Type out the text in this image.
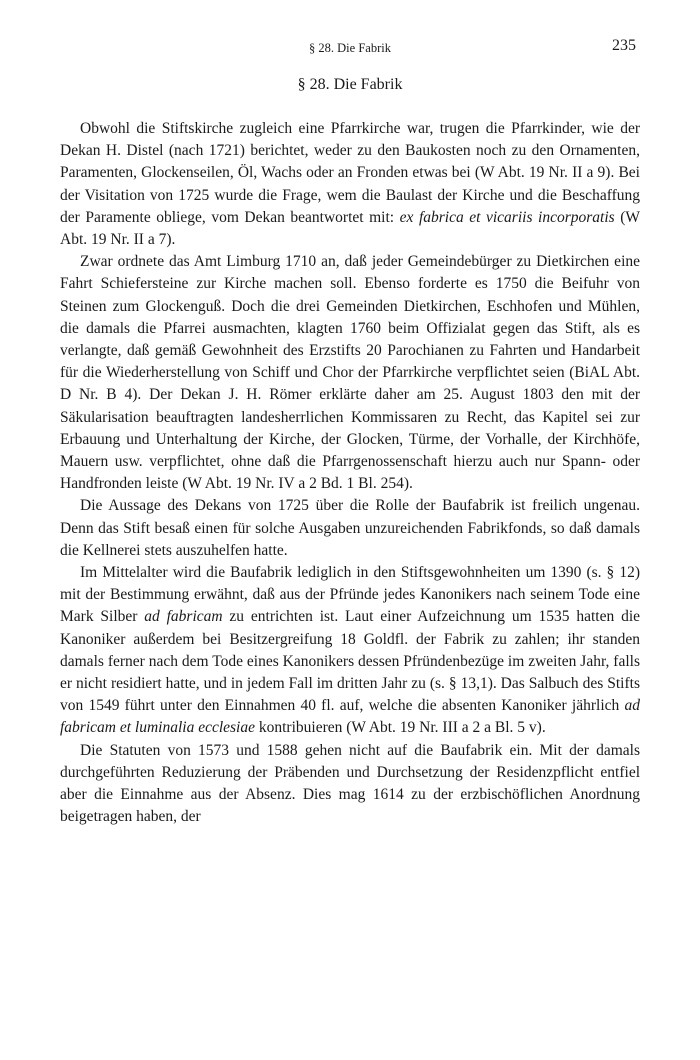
§ 28. Die Fabrik	235
§ 28. Die Fabrik

Obwohl die Stiftskirche zugleich eine Pfarrkirche war, trugen die Pfarrkinder, wie der Dekan H. Distel (nach 1721) berichtet, weder zu den Baukosten noch zu den Ornamenten, Paramenten, Glockenseilen, Öl, Wachs oder an Fronden etwas bei (W Abt. 19 Nr. II a 9). Bei der Visitation von 1725 wurde die Frage, wem die Baulast der Kirche und die Beschaffung der Paramente obliege, vom Dekan beantwortet mit: ex fabrica et vicariis incorporatis (W Abt. 19 Nr. II a 7).

Zwar ordnete das Amt Limburg 1710 an, daß jeder Gemeindebürger zu Dietkirchen eine Fahrt Schiefersteine zur Kirche machen soll. Ebenso forderte es 1750 die Beifuhr von Steinen zum Glockenguß. Doch die drei Gemeinden Dietkirchen, Eschhofen und Mühlen, die damals die Pfarrei ausmachten, klagten 1760 beim Offizialat gegen das Stift, als es verlangte, daß gemäß Gewohnheit des Erzstifts 20 Parochianen zu Fahrten und Handarbeit für die Wiederherstellung von Schiff und Chor der Pfarrkirche verpflichtet seien (BiAL Abt. D Nr. B 4). Der Dekan J. H. Römer erklärte daher am 25. August 1803 den mit der Säkularisation beauftragten landesherrlichen Kommissaren zu Recht, das Kapitel sei zur Erbauung und Unterhaltung der Kirche, der Glocken, Türme, der Vorhalle, der Kirchhöfe, Mauern usw. verpflichtet, ohne daß die Pfarrgenossenschaft hierzu auch nur Spann- oder Handfronden leiste (W Abt. 19 Nr. IV a 2 Bd. 1 Bl. 254).

Die Aussage des Dekans von 1725 über die Rolle der Baufabrik ist freilich ungenau. Denn das Stift besaß einen für solche Ausgaben unzureichenden Fabrikfonds, so daß damals die Kellnerei stets auszuhelfen hatte.

Im Mittelalter wird die Baufabrik lediglich in den Stiftsgewohnheiten um 1390 (s. § 12) mit der Bestimmung erwähnt, daß aus der Pfründe jedes Kanonikers nach seinem Tode eine Mark Silber ad fabricam zu entrichten ist. Laut einer Aufzeichnung um 1535 hatten die Kanoniker außerdem bei Besitzergreifung 18 Goldfl. der Fabrik zu zahlen; ihr standen damals ferner nach dem Tode eines Kanonikers dessen Pfründenbezüge im zweiten Jahr, falls er nicht residiert hatte, und in jedem Fall im dritten Jahr zu (s. § 13,1). Das Salbuch des Stifts von 1549 führt unter den Einnahmen 40 fl. auf, welche die absenten Kanoniker jährlich ad fabricam et luminalia ecclesiae kontribuieren (W Abt. 19 Nr. III a 2 a Bl. 5 v).

Die Statuten von 1573 und 1588 gehen nicht auf die Baufabrik ein. Mit der damals durchgeführten Reduzierung der Präbenden und Durchsetzung der Residenzpflicht entfiel aber die Einnahme aus der Absenz. Dies mag 1614 zu der erzbischöflichen Anordnung beigetragen haben, der
